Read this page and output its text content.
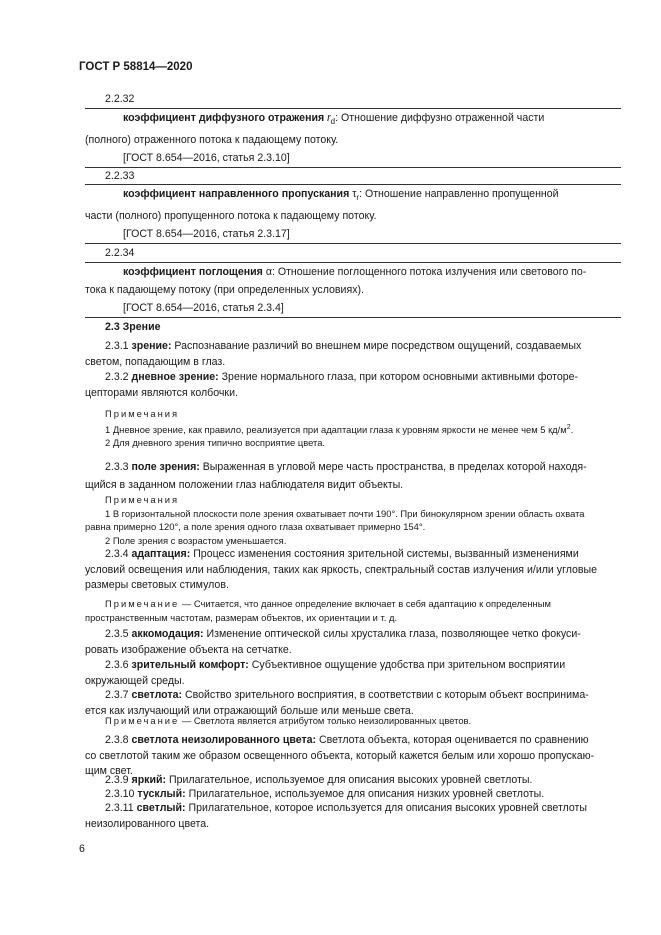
ГОСТ Р 58814—2020
2.2.32

коэффициент диффузного отражения $r_d$: Отношение диффузно отраженной части

(полного) отраженного потока к падающему потоку.

[ГОСТ 8.654—2016, статья 2.3.10]

2.2.33

коэффициент направленного пропускания $\tau_r$: Отношение направленно пропущенной

части (полного) пропущенного потока к падающему потоку.

[ГОСТ 8.654—2016, статья 2.3.17]

2.2.34

коэффициент поглощения α: Отношение поглощенного потока излучения или светового по-

тока к падающему потоку (при определенных условиях).

[ГОСТ 8.654—2016, статья 2.3.4]

2.3 Зрение

2.3.1 зрение: Распознавание различий во внешнем мире посредством ощущений, создаваемых

светом, попадающим в глаз.

2.3.2 дневное зрение: Зрение нормального глаза, при котором основными активными фоторе-

цепторами являются колбочки.

Примечания

1 Дневное зрение, как правило, реализуется при адаптации глаза к уровням яркости не менее чем 5 $кд/м^2$.

2 Для дневного зрения типично восприятие цвета.

2.3.3 поле зрения: Выраженная в угловой мере часть пространства, в пределах которой находя-

щийся в заданном положении глаз наблюдателя видит объекты.

Примечания

1 В горизонтальной плоскости поле зрения охватывает почти 190°. При бинокулярном зрении область охвата

равна примерно 120°, а поле зрения одного глаза охватывает примерно 154°.

2 Поле зрения с возрастом уменьшается.

2.3.4 адаптация: Процесс изменения состояния зрительной системы, вызванный изменениями

условий освещения или наблюдения, таких как яркость, спектральный состав излучения и/или угловые

размеры световых стимулов.

Примечание — Считается, что данное определение включает в себя адаптацию к определенным

пространственным частотам, размерам объектов, их ориентации и т. д.

2.3.5 аккомодация: Изменение оптической силы хрусталика глаза, позволяющее четко фокуси-

ровать изображение объекта на сетчатке.

2.3.6 зрительный комфорт: Субъективное ощущение удобства при зрительном восприятии

окружающей среды.

2.3.7 светлота: Свойство зрительного восприятия, в соответствии с которым объект воспринима-

ется как излучающий или отражающий больше или меньше света.

Примечание — Светлота является атрибутом только неизолированных цветов.

2.3.8 светлота неизолированного цвета: Светлота объекта, которая оценивается по сравнению

со светлотой таким же образом освещенного объекта, который кажется белым или хорошо пропускаю-

щим свет.

2.3.9 яркий: Прилагательное, используемое для описания высоких уровней светлоты.

2.3.10 тусклый: Прилагательное, используемое для описания низких уровней светлоты.

2.3.11 светлый: Прилагательное, которое используется для описания высоких уровней светлоты

неизолированного цвета.

6
